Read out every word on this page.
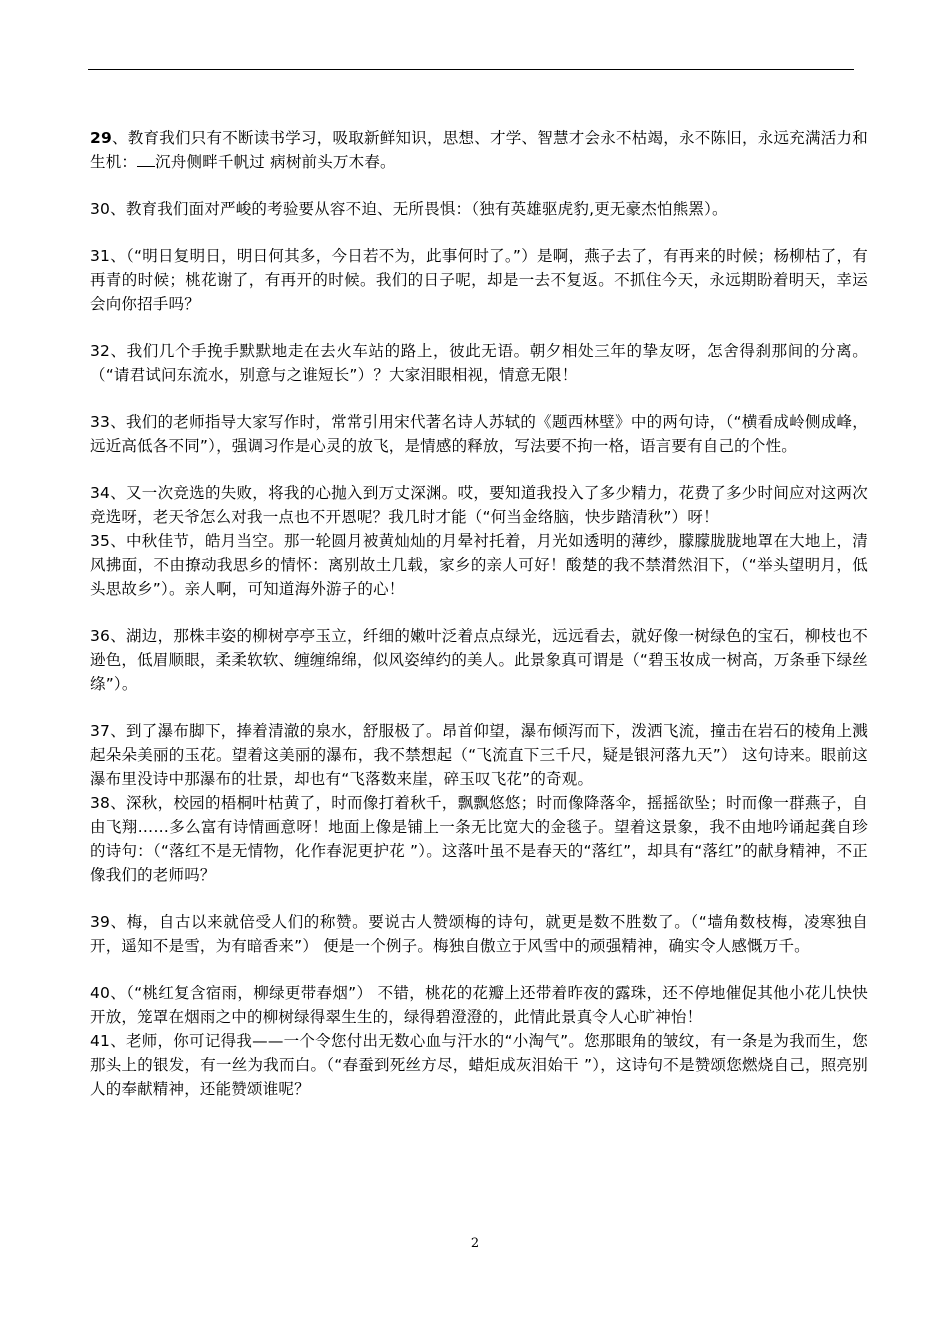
29、教育我们只有不断读书学习，吸取新鲜知识，思想、才学、智慧才会永不枯竭，永不陈旧，永远充满活力和生机： 沉舟侧畔千帆过 病树前头万木春。

30、教育我们面对严峻的考验要从容不迫、无所畏惧：（独有英雄驱虎豹,更无豪杰怕熊罴）。

31、（“明日复明日，明日何其多，今日若不为，此事何时了。”）是啊，燕子去了，有再来的时候；杨柳枯了，有再青的时候；桃花谢了，有再开的时候。我们的日子呢，却是一去不复返。不抓住今天，永远期盼着明天，幸运会向你招手吗？

32、我们几个手挽手默默地走在去火车站的路上，彼此无语。朝夕相处三年的挚友呀，怎舍得刹那间的分离。（“请君试问东流水，别意与之谁短长”）？大家泪眼相视，情意无限！

33、我们的老师指导大家写作时，常常引用宋代著名诗人苏轼的《题西林壁》中的两句诗，（“横看成岭侧成峰，远近高低各不同”），强调习作是心灵的放飞，是情感的释放，写法要不拘一格，语言要有自己的个性。

34、又一次竞选的失败，将我的心抛入到万丈深渊。哎，要知道我投入了多少精力，花费了多少时间应对这两次竞选呀，老天爷怎么对我一点也不开恩呢？我几时才能（“何当金络脑，快步踏清秋”）呀！

35、中秋佳节，皓月当空。那一轮圆月被黄灿灿的月晕衬托着，月光如透明的薄纱，朦朦胧胧地罩在大地上，清风拂面，不由撩动我思乡的情怀：离别故土几载，家乡的亲人可好！酸楚的我不禁潸然泪下，（“举头望明月，低头思故乡”）。亲人啊，可知道海外游子的心！

36、湖边，那株丰姿的柳树亭亭玉立，纤细的嫩叶泛着点点绿光，远远看去，就好像一树绿色的宝石，柳枝也不逊色，低眉顺眼，柔柔软软、缠缠绵绵，似风姿绰约的美人。此景象真可谓是（“碧玉妆成一树高，万条垂下绿丝绦”）。

37、到了瀑布脚下，捧着清澈的泉水，舒服极了。昂首仰望，瀑布倾泻而下，泼洒飞流，撞击在岩石的棱角上溅起朵朵美丽的玉花。望着这美丽的瀑布，我不禁想起（“飞流直下三千尺，疑是银河落九天”） 这句诗来。眼前这瀑布里没诗中那瀑布的壮景，却也有“飞落数来崖，碎玉叹飞花”的奇观。

38、深秋，校园的梧桐叶枯黄了，时而像打着秋千，飘飘悠悠；时而像降落伞，摇摇欲坠；时而像一群燕子，自由飞翔……多么富有诗情画意呀！地面上像是铺上一条无比宽大的金毯子。望着这景象，我不由地吟诵起龚自珍的诗句：（“落红不是无情物，化作春泥更护花 ”）。这落叶虽不是春天的“落红”，却具有“落红”的献身精神，不正像我们的老师吗？

39、梅，自古以来就倍受人们的称赞。要说古人赞颂梅的诗句，就更是数不胜数了。（“墙角数枝梅，凌寒独自开，遥知不是雪，为有暗香来”） 便是一个例子。梅独自傲立于风雪中的顽强精神，确实令人感慨万千。

40、（“桃红复含宿雨，柳绿更带春烟”） 不错，桃花的花瓣上还带着昨夜的露珠，还不停地催促其他小花儿快快开放，笼罩在烟雨之中的柳树绿得翠生生的，绿得碧澄澄的，此情此景真令人心旷神怡！

41、老师，你可记得我——一个令您付出无数心血与汗水的“小淘气”。您那眼角的皱纹，有一条是为我而生，您那头上的银发，有一丝为我而白。（“春蚕到死丝方尽，蜡炬成灰泪始干 ”），这诗句不是赞颂您燃烧自己，照亮别人的奉献精神，还能赞颂谁呢？

2
